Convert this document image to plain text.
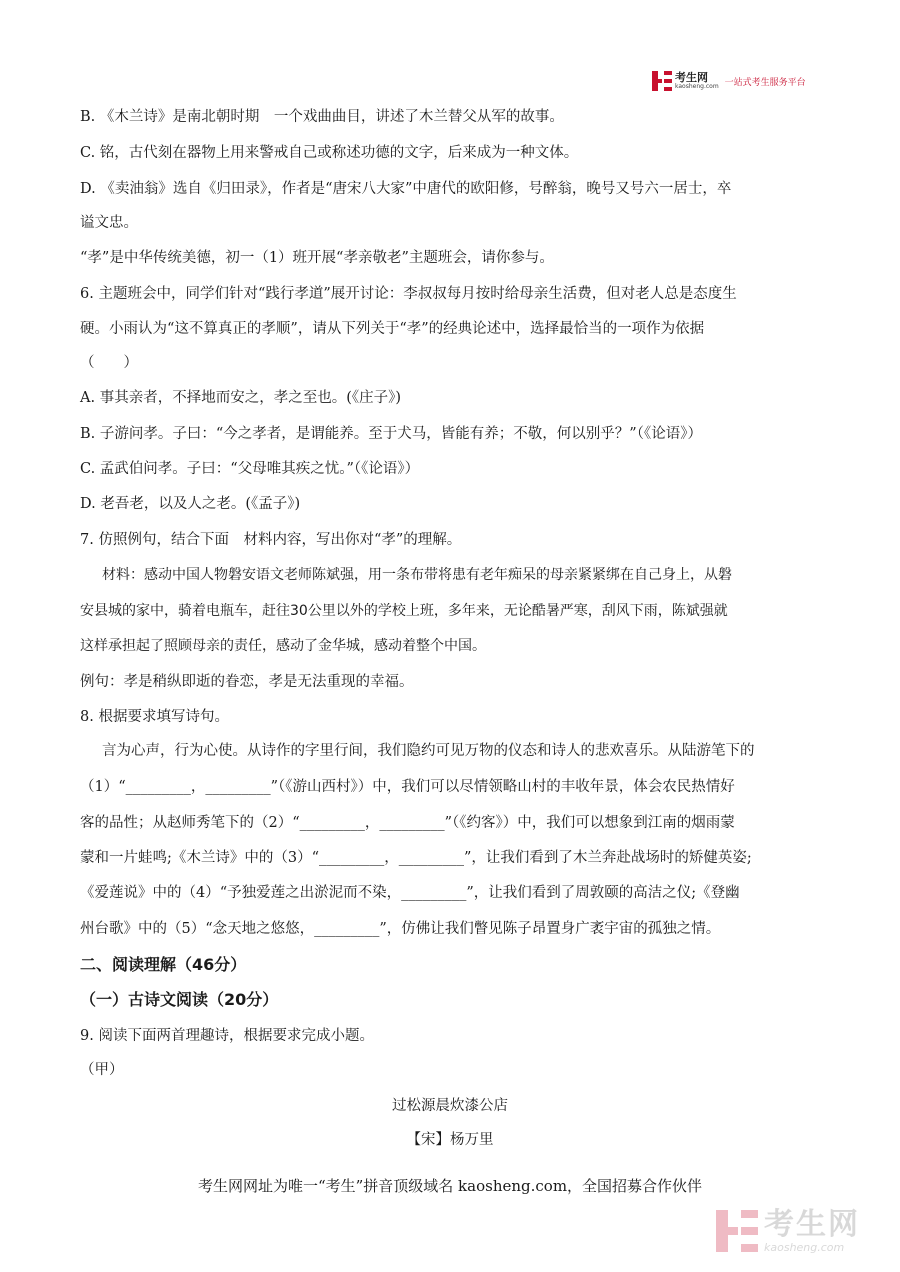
考生网
kaosheng.com 一站式考生服务平台
B. 《木兰诗》是南北朝时期　一个戏曲曲目，讲述了木兰替父从军的故事。
C. 铭，古代刻在器物上用来警戒自己或称述功德的文字，后来成为一种文体。
D. 《卖油翁》选自《归田录》，作者是“唐宋八大家”中唐代的欧阳修，号醉翁，晚号又号六一居士，卒
谥文忠。
“孝”是中华传统美德，初一（1）班开展“孝亲敬老”主题班会，请你参与。
6. 主题班会中，同学们针对“践行孝道”展开讨论：李叔叔每月按时给母亲生活费，但对老人总是态度生
硬。小雨认为“这不算真正的孝顺”，请从下列关于“孝”的经典论述中，选择最恰当的一项作为依据
（　　）
A. 事其亲者，不择地而安之，孝之至也。(《庄子》)
B. 子游问孝。子曰：“今之孝者，是谓能养。至于犬马，皆能有养；不敬，何以别乎？”（《论语》）
C. 孟武伯问孝。子曰：“父母唯其疾之忧。”（《论语》）
D. 老吾老，以及人之老。(《孟子》)
7. 仿照例句，结合下面　材料内容，写出你对“孝”的理解。
材料：感动中国人物磐安语文老师陈斌强，用一条布带将患有老年痴呆的母亲紧紧绑在自己身上，从磐
安县城的家中，骑着电瓶车，赶往30公里以外的学校上班，多年来，无论酷暑严寒，刮风下雨，陈斌强就
这样承担起了照顾母亲的责任，感动了金华城，感动着整个中国。
例句：孝是稍纵即逝的眷恋，孝是无法重现的幸福。
8. 根据要求填写诗句。
言为心声，行为心使。从诗作的字里行间，我们隐约可见万物的仪态和诗人的悲欢喜乐。从陆游笔下的
（1）“_________，_________”（《游山西村》）中，我们可以尽情领略山村的丰收年景，体会农民热情好
客的品性；从赵师秀笔下的（2）“_________，_________”（《约客》）中，我们可以想象到江南的烟雨蒙
蒙和一片蛙鸣;《木兰诗》中的（3）“_________，_________”，让我们看到了木兰奔赴战场时的矫健英姿;
《爱莲说》中的（4）“予独爱莲之出淤泥而不染，_________”，让我们看到了周敦颐的高洁之仪;《登幽
州台歌》中的（5）“念天地之悠悠，_________”，仿佛让我们瞥见陈子昂置身广袤宇宙的孤独之情。
二、阅读理解（46分）
（一）古诗文阅读（20分）
9. 阅读下面两首理趣诗，根据要求完成小题。
（甲）
过松源晨炊漆公店
【宋】杨万里
考生网网址为唯一“考生”拼音顶级域名 kaosheng.com，全国招募合作伙伴
考生网
kaosheng.com
